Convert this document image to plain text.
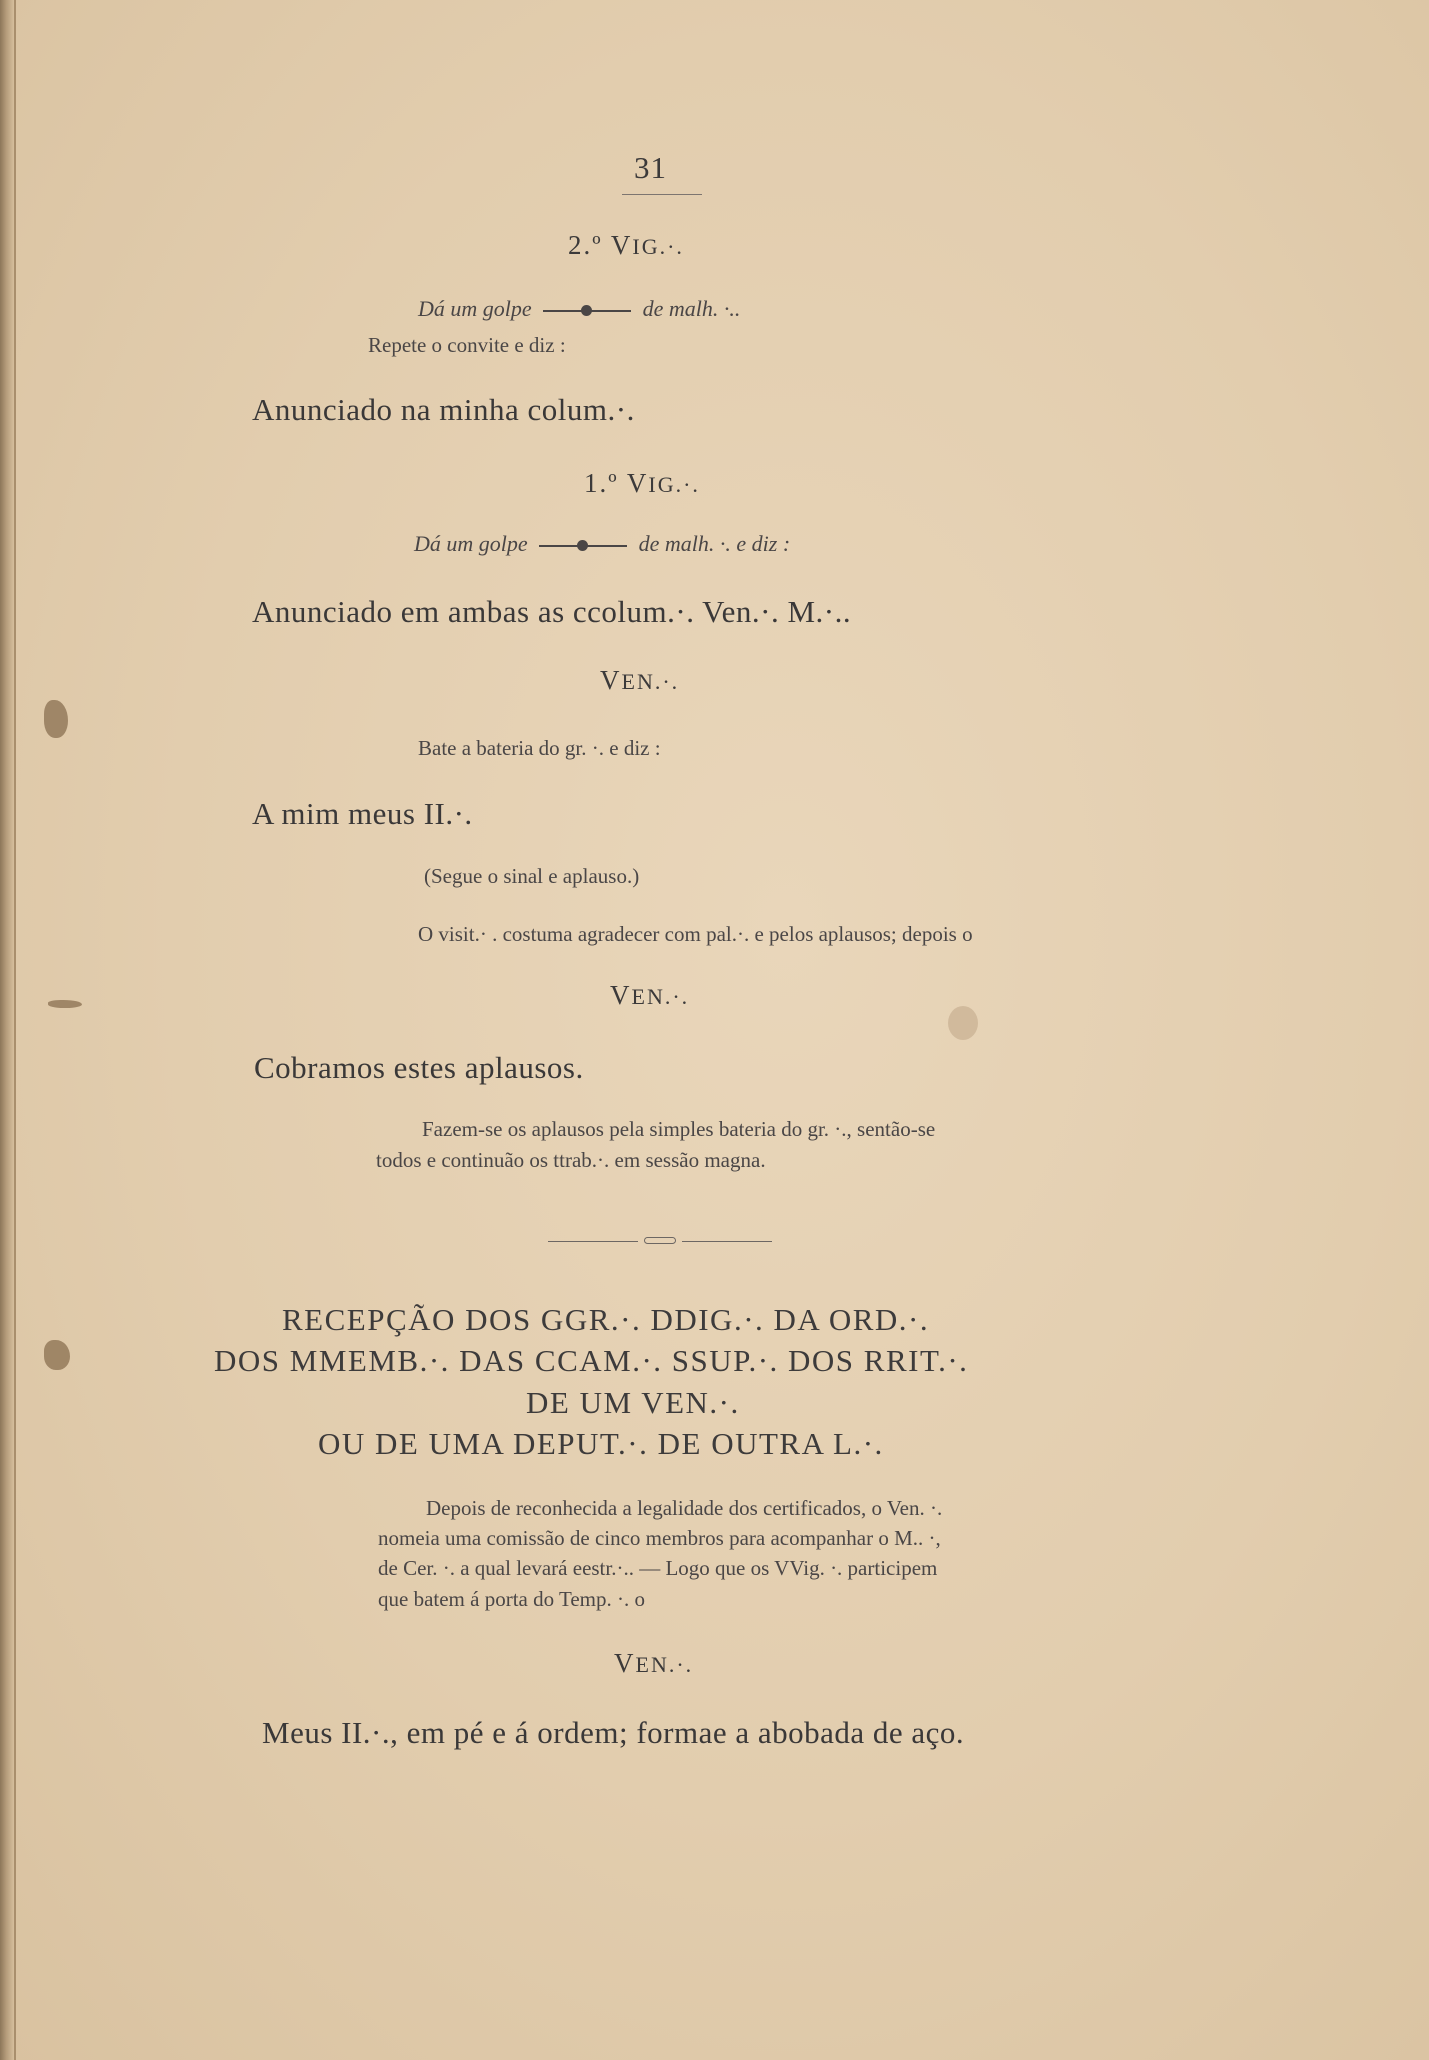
31
2.º VIG.·.
Dá um golpe	de malh. ·..
Repete o convite e diz :
Anunciado na minha colum.·.
1.º VIG.·.
Dá um golpe	de malh. ·. e diz :
Anunciado em ambas as ccolum.·. Ven.·. M.·..
VEN.·.
Bate a bateria do gr. ·. e diz :
A mim meus II.·.
(Segue o sinal e aplauso.)
O visit.· . costuma agradecer com pal.·. e pelos aplausos; depois o
VEN.·.
Cobramos estes aplausos.
Fazem-se os aplausos pela simples bateria do gr. ·., sentão-se
todos e continuão os ttrab.·. em sessão magna.
RECEPÇÃO DOS GGR.·. DDIG.·. DA ORD.·.
DOS MMEMB.·. DAS CCAM.·. SSUP.·. DOS RRIT.·.
DE UM VEN.·.
OU DE UMA DEPUT.·. DE OUTRA L.·.
Depois de reconhecida a legalidade dos certificados, o Ven. ·.
nomeia uma comissão de cinco membros para acompanhar o M.. ·,
de Cer. ·. a qual levará eestr.·.. — Logo que os VVig. ·. participem
que batem á porta do Temp. ·. o
VEN.·.
Meus II.·., em pé e á ordem; formae a abobada de aço.
